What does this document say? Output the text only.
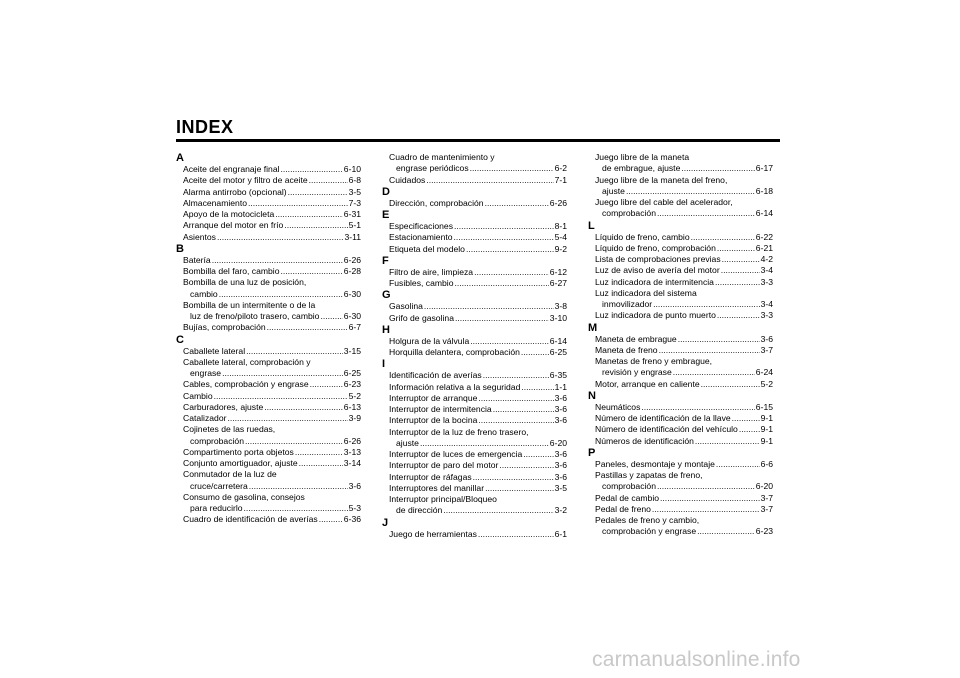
INDEX
A
Aceite del engranaje final .....	6-10
Aceite del motor y filtro de aceite .....	6-8
Alarma antirrobo (opcional) .....	3-5
Almacenamiento .....	7-3
Apoyo de la motocicleta .....	6-31
Arranque del motor en frío .....	5-1
Asientos .....	3-11
B
Batería .....	6-26
Bombilla del faro, cambio .....	6-28
Bombilla de una luz de posición,
cambio .....	6-30
Bombilla de un intermitente o de la
luz de freno/piloto trasero, cambio .....	6-30
Bujías, comprobación .....	6-7
C
Caballete lateral .....	3-15
Caballete lateral, comprobación y
engrase .....	6-25
Cables, comprobación y engrase .....	6-23
Cambio .....	5-2
Carburadores, ajuste .....	6-13
Catalizador .....	3-9
Cojinetes de las ruedas,
comprobación .....	6-26
Compartimento porta objetos .....	3-13
Conjunto amortiguador, ajuste .....	3-14
Conmutador de la luz de
cruce/carretera .....	3-6
Consumo de gasolina, consejos
para reducirlo .....	5-3
Cuadro de identificación de averías .....	6-36
Cuadro de mantenimiento y
engrase periódicos .....	6-2
Cuidados .....	7-1
D
Dirección, comprobación .....	6-26
E
Especificaciones .....	8-1
Estacionamiento .....	5-4
Etiqueta del modelo .....	9-2
F
Filtro de aire, limpieza .....	6-12
Fusibles, cambio .....	6-27
G
Gasolina .....	3-8
Grifo de gasolina .....	3-10
H
Holgura de la válvula .....	6-14
Horquilla delantera, comprobación .....	6-25
I
Identificación de averías .....	6-35
Información relativa a la seguridad .....	1-1
Interruptor de arranque .....	3-6
Interruptor de intermitencia .....	3-6
Interruptor de la bocina .....	3-6
Interruptor de la luz de freno trasero,
ajuste .....	6-20
Interruptor de luces de emergencia .....	3-6
Interruptor de paro del motor .....	3-6
Interruptor de ráfagas .....	3-6
Interruptores del manillar .....	3-5
Interruptor principal/Bloqueo
de dirección .....	3-2
J
Juego de herramientas .....	6-1
Juego libre de la maneta
de embrague, ajuste .....	6-17
Juego libre de la maneta del freno,
ajuste .....	6-18
Juego libre del cable del acelerador,
comprobación .....	6-14
L
Líquido de freno, cambio .....	6-22
Líquido de freno, comprobación .....	6-21
Lista de comprobaciones previas .....	4-2
Luz de aviso de avería del motor .....	3-4
Luz indicadora de intermitencia .....	3-3
Luz indicadora del sistema
inmovilizador .....	3-4
Luz indicadora de punto muerto .....	3-3
M
Maneta de embrague .....	3-6
Maneta de freno .....	3-7
Manetas de freno y embrague,
revisión y engrase .....	6-24
Motor, arranque en caliente .....	5-2
N
Neumáticos .....	6-15
Número de identificación de la llave .....	9-1
Número de identificación del vehículo .....	9-1
Números de identificación .....	9-1
P
Paneles, desmontaje y montaje .....	6-6
Pastillas y zapatas de freno,
comprobación .....	6-20
Pedal de cambio .....	3-7
Pedal de freno .....	3-7
Pedales de freno y cambio,
comprobación y engrase .....	6-23
carmanualsonline.info
